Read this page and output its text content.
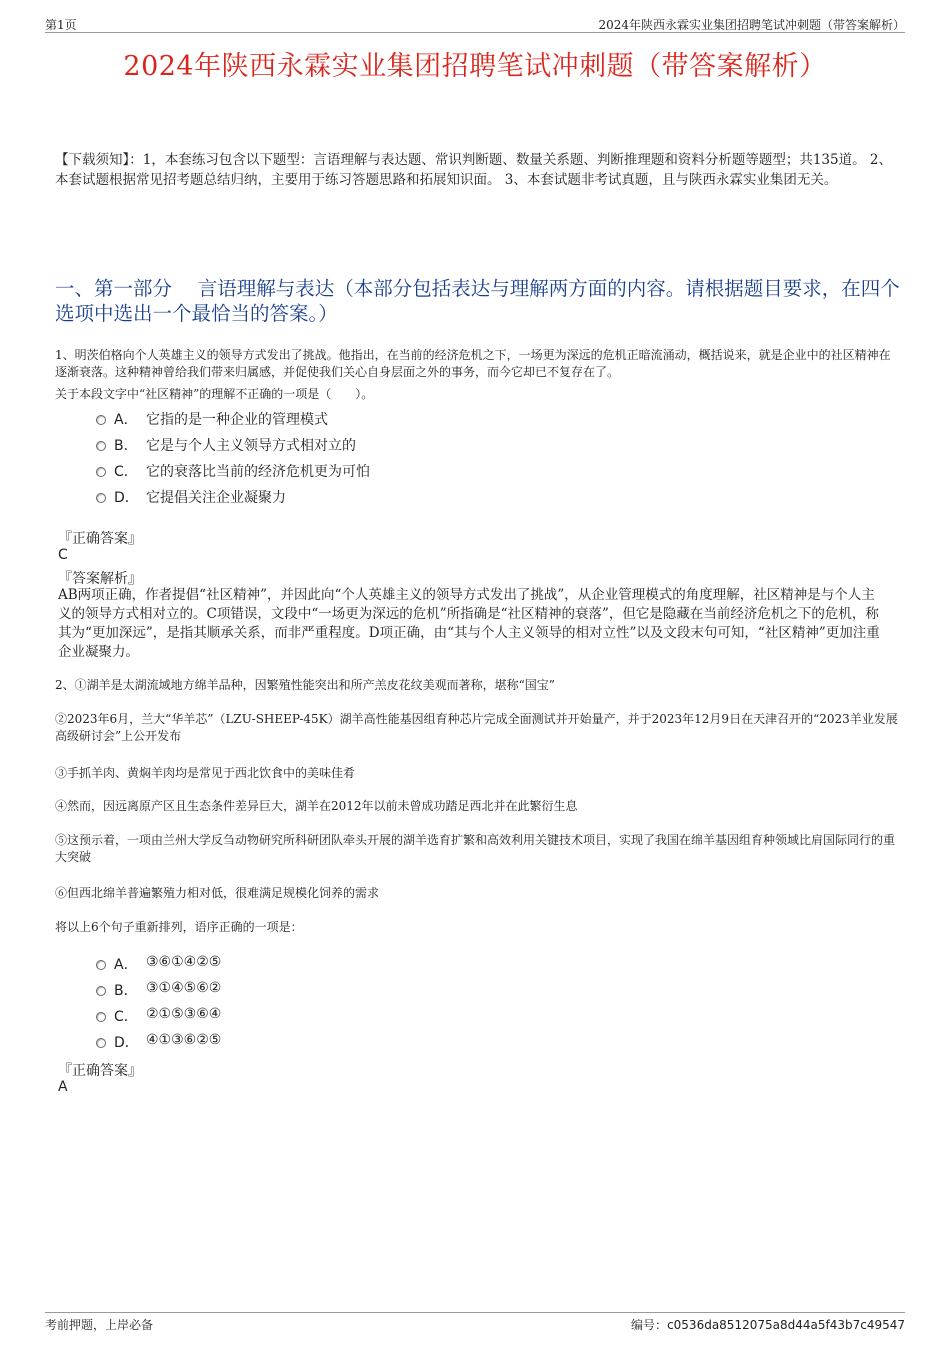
第1页	2024年陕西永霖实业集团招聘笔试冲刺题（带答案解析）
2024年陕西永霖实业集团招聘笔试冲刺题（带答案解析）
【下载须知】：1，本套练习包含以下题型：言语理解与表达题、常识判断题、数量关系题、判断推理题和资料分析题等题型；共135道。 2、本套试题根据常见招考题总结归纳，主要用于练习答题思路和拓展知识面。 3、本套试题非考试真题，且与陕西永霖实业集团无关。
一、第一部分　 言语理解与表达（本部分包括表达与理解两方面的内容。请根据题目要求，在四个选项中选出一个最恰当的答案。）
1、明茨伯格向个人英雄主义的领导方式发出了挑战。他指出，在当前的经济危机之下，一场更为深远的危机正暗流涌动，概括说来，就是企业中的社区精神在逐渐衰落。这种精神曾给我们带来归属感，并促使我们关心自身层面之外的事务，而今它却已不复存在了。
关于本段文字中“社区精神”的理解不正确的一项是（　　）。
A． 它指的是一种企业的管理模式
B． 它是与个人主义领导方式相对立的
C． 它的衰落比当前的经济危机更为可怕
D． 它提倡关注企业凝聚力
『正确答案』
C
『答案解析』
AB两项正确，作者提倡“社区精神”，并因此向“个人英雄主义的领导方式发出了挑战”，从企业管理模式的角度理解，社区精神是与个人主义的领导方式相对立的。C项错误，文段中“一场更为深远的危机”所指确是“社区精神的衰落”，但它是隐藏在当前经济危机之下的危机，称其为“更加深远”，是指其顺承关系，而非严重程度。D项正确，由“其与个人主义领导的相对立性”以及文段末句可知，“社区精神”更加注重企业凝聚力。
2、①湖羊是太湖流域地方绵羊品种，因繁殖性能突出和所产羔皮花纹美观而著称，堪称“国宝”
②2023年6月，兰大“华羊芯”（LZU-SHEEP-45K）湖羊高性能基因组育种芯片完成全面测试并开始量产，并于2023年12月9日在天津召开的“2023羊业发展高级研讨会”上公开发布
③手抓羊肉、黄焖羊肉均是常见于西北饮食中的美味佳肴
④然而，因远离原产区且生态条件差异巨大，湖羊在2012年以前未曾成功踏足西北并在此繁衍生息
⑤这预示着，一项由兰州大学反刍动物研究所科研团队牵头开展的湖羊选育扩繁和高效利用关键技术项目，实现了我国在绵羊基因组育种领域比肩国际同行的重大突破
⑥但西北绵羊普遍繁殖力相对低，很难满足规模化饲养的需求
将以上6个句子重新排列，语序正确的一项是：
A． ③⑥①④②⑤
B． ③①④⑤⑥②
C． ②①⑤③⑥④
D． ④①③⑥②⑤
『正确答案』
A
考前押题，上岸必备	编号：c0536da8512075a8d44a5f43b7c49547
